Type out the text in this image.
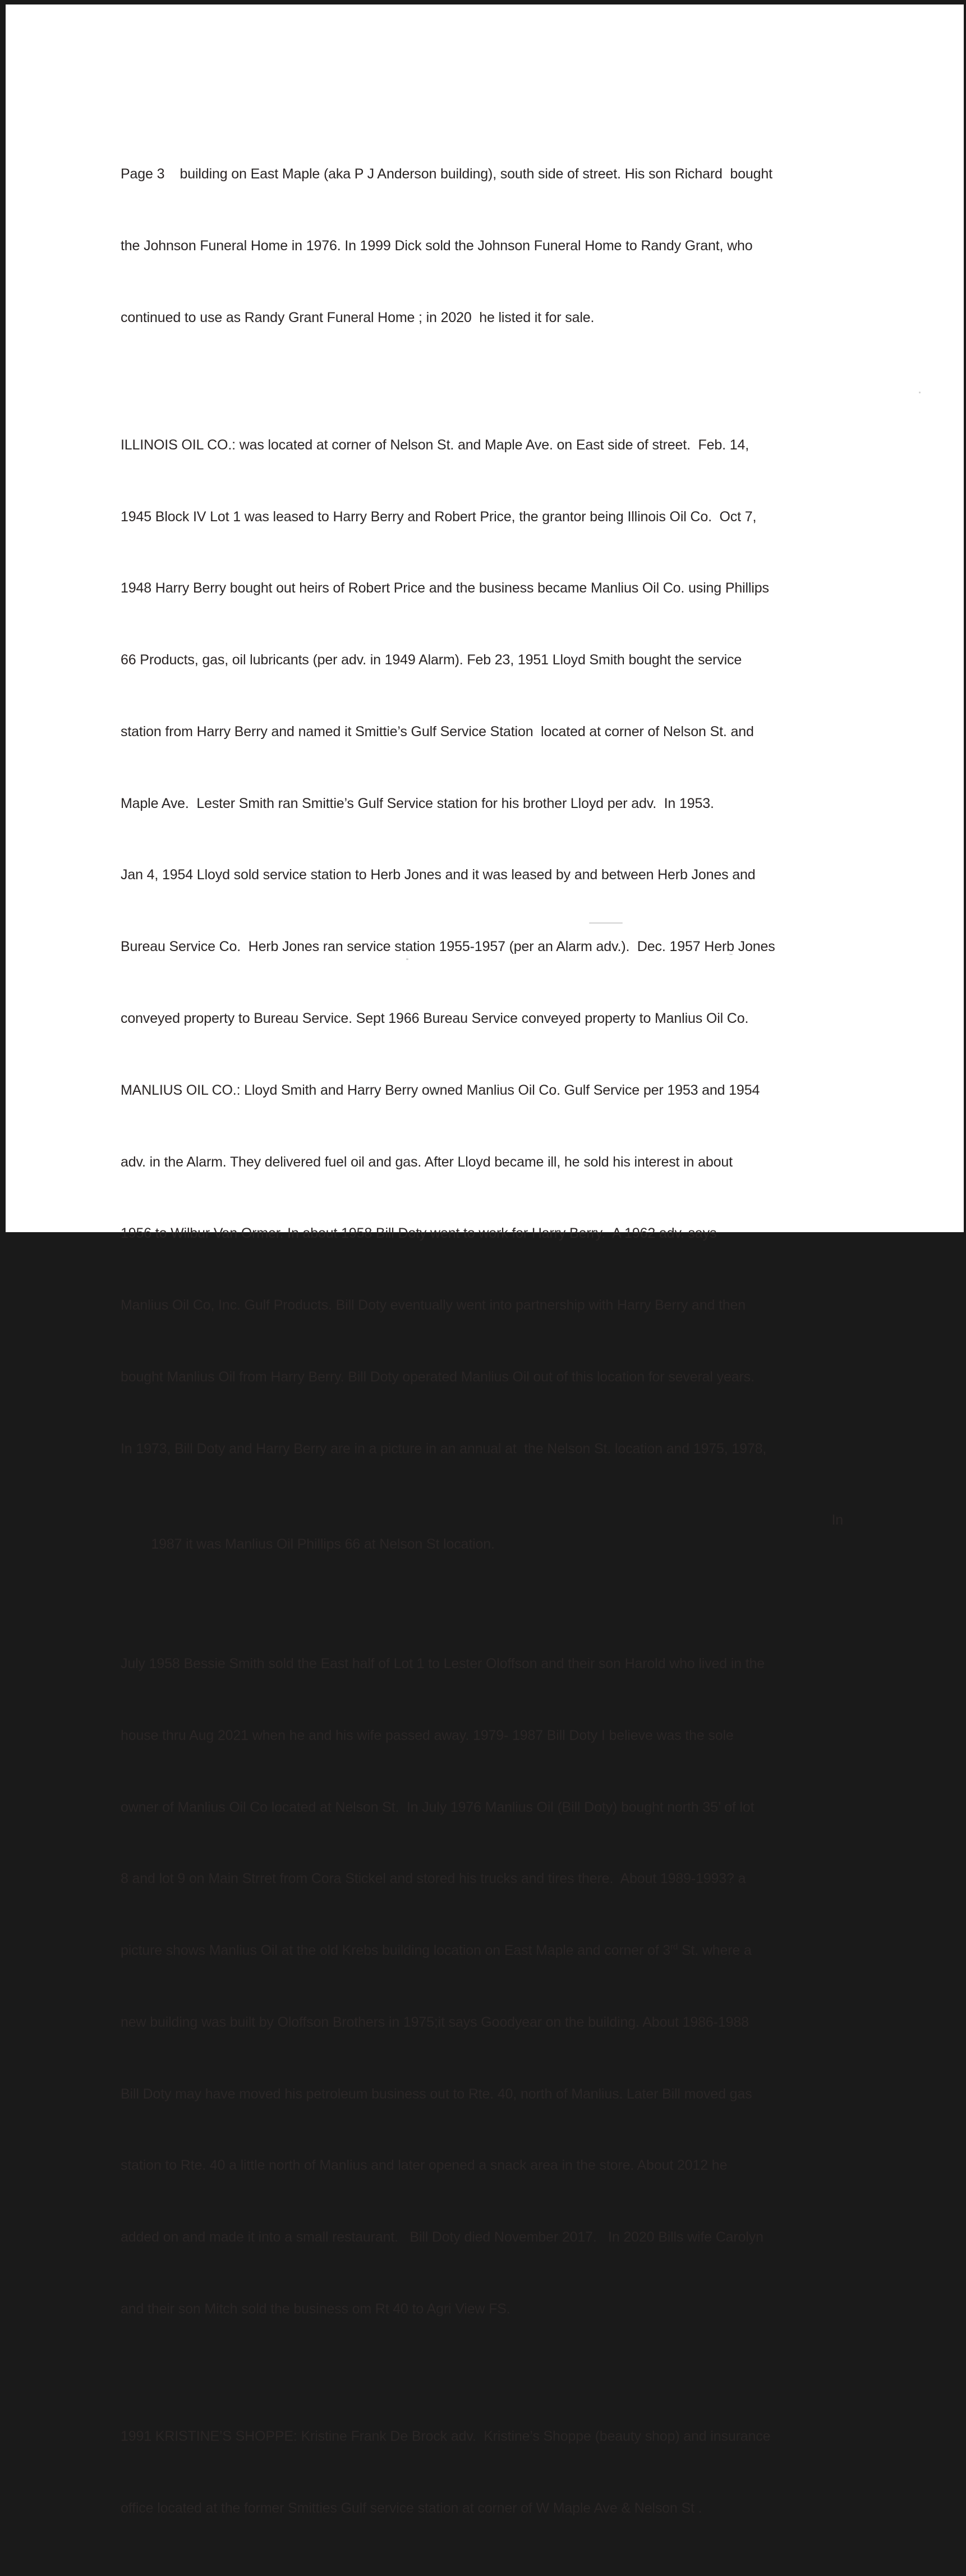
Page 3    building on East Maple (aka P J Anderson building), south side of street. His son Richard  bought

the Johnson Funeral Home in 1976. In 1999 Dick sold the Johnson Funeral Home to Randy Grant, who

continued to use as Randy Grant Funeral Home ; in 2020  he listed it for sale.

ILLINOIS OIL CO.: was located at corner of Nelson St. and Maple Ave. on East side of street.  Feb. 14,

1945 Block IV Lot 1 was leased to Harry Berry and Robert Price, the grantor being Illinois Oil Co.  Oct 7,

1948 Harry Berry bought out heirs of Robert Price and the business became Manlius Oil Co. using Phillips

66 Products, gas, oil lubricants (per adv. in 1949 Alarm). Feb 23, 1951 Lloyd Smith bought the service

station from Harry Berry and named it Smittie’s Gulf Service Station  located at corner of Nelson St. and

Maple Ave.  Lester Smith ran Smittie’s Gulf Service station for his brother Lloyd per adv.  In 1953.

Jan 4, 1954 Lloyd sold service station to Herb Jones and it was leased by and between Herb Jones and

Bureau Service Co.  Herb Jones ran service station 1955-1957 (per an Alarm adv.).  Dec. 1957 Herb Jones

conveyed property to Bureau Service. Sept 1966 Bureau Service conveyed property to Manlius Oil Co.

MANLIUS OIL CO.: Lloyd Smith and Harry Berry owned Manlius Oil Co. Gulf Service per 1953 and 1954

adv. in the Alarm. They delivered fuel oil and gas. After Lloyd became ill, he sold his interest in about

1956 to Wilbur Van Ormer. In about 1958 Bill Doty went to work for Harry Berry.  A 1962 adv. says

Manlius Oil Co, Inc. Gulf Products. Bill Doty eventually went into partnership with Harry Berry and then

bought Manlius Oil from Harry Berry. Bill Doty operated Manlius Oil out of this location for several years.

In 1973, Bill Doty and Harry Berry are in a picture in an annual at  the Nelson St. location and 1975, 1978,

1987 it was Manlius Oil Phillips 66 at Nelson St location.

In

July 1958 Bessie Smith sold the East half of Lot 1 to Lester Oloffson and their son Harold who lived in the

house thru Aug 2021 when he and his wife passed away. 1979- 1987 Bill Doty I believe was the sole

owner of Manlius Oil Co located at Nelson St.  In July 1976 Manlius Oil (Bill Doty) bought north 35’ of lot

8 and lot 9 on Main Strret from Cora Stickel and stored his trucks and tires there.  About 1989-1993? a

picture shows Manlius Oil at the old Krebs building location on East Maple and corner of 3rd St. where a

new building was built by Oloffson Brothers in 1975;it says Goodyear on the building. About 1986-1988

Bill Doty may have moved his petroleum business out to Rte. 40, north of Manlius. Later Bill moved gas

station to Rte. 40 a little north of Manlius and later opened a snack area in the store. About 2012 he

added on and made it into a small restaurant.   Bill Doty died November 2017.   In 2020 Bills wife Carolyn

and their son Mitch sold the business om Rt 40 to Agri View FS.

1991 KRISTINE’S SHOPPE: Kristine Frank De Brock adv.  Kristine’s Shoppe (beauty shop) and insurance

office located at the former Smitties Gulf service station at corner of W Maple Ave & Nelson St .
